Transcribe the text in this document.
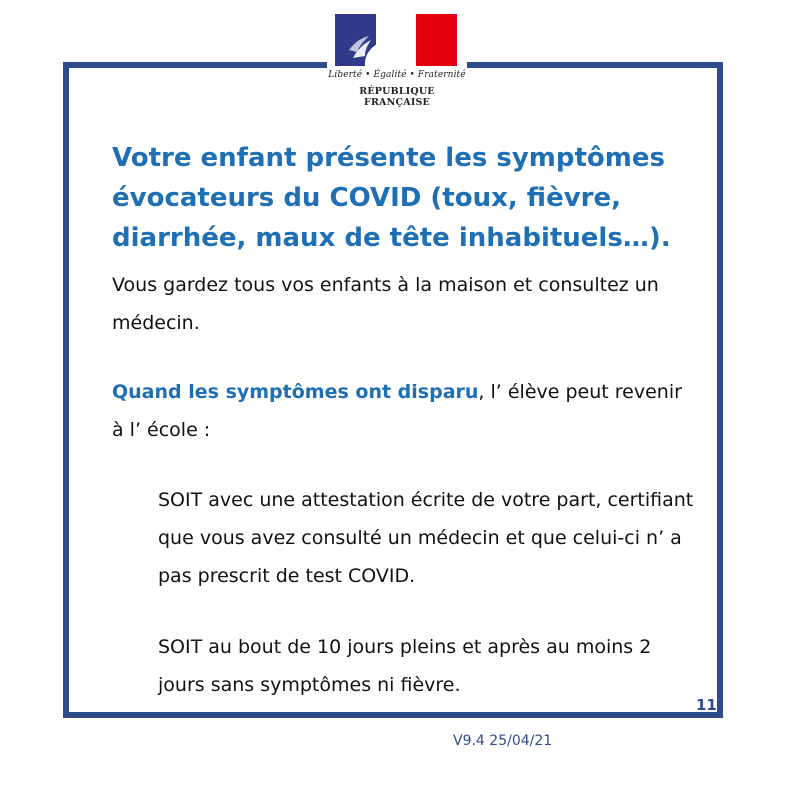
Liberté • Égalité • Fraternité
RÉPUBLIQUE FRANÇAISE
Votre enfant présente les symptômes évocateurs du COVID (toux, fièvre, diarrhée, maux de tête inhabituels…).

Vous gardez tous vos enfants à la maison et consultez un médecin.

Quand les symptômes ont disparu, l’ élève peut revenir à l’ école :

SOIT avec une attestation écrite de votre part, certifiant que vous avez consulté un médecin et que celui-ci n’ a pas prescrit de test COVID.

SOIT au bout de 10 jours pleins et après au moins 2 jours sans symptômes ni fièvre.

11
V9.4 25/04/21
